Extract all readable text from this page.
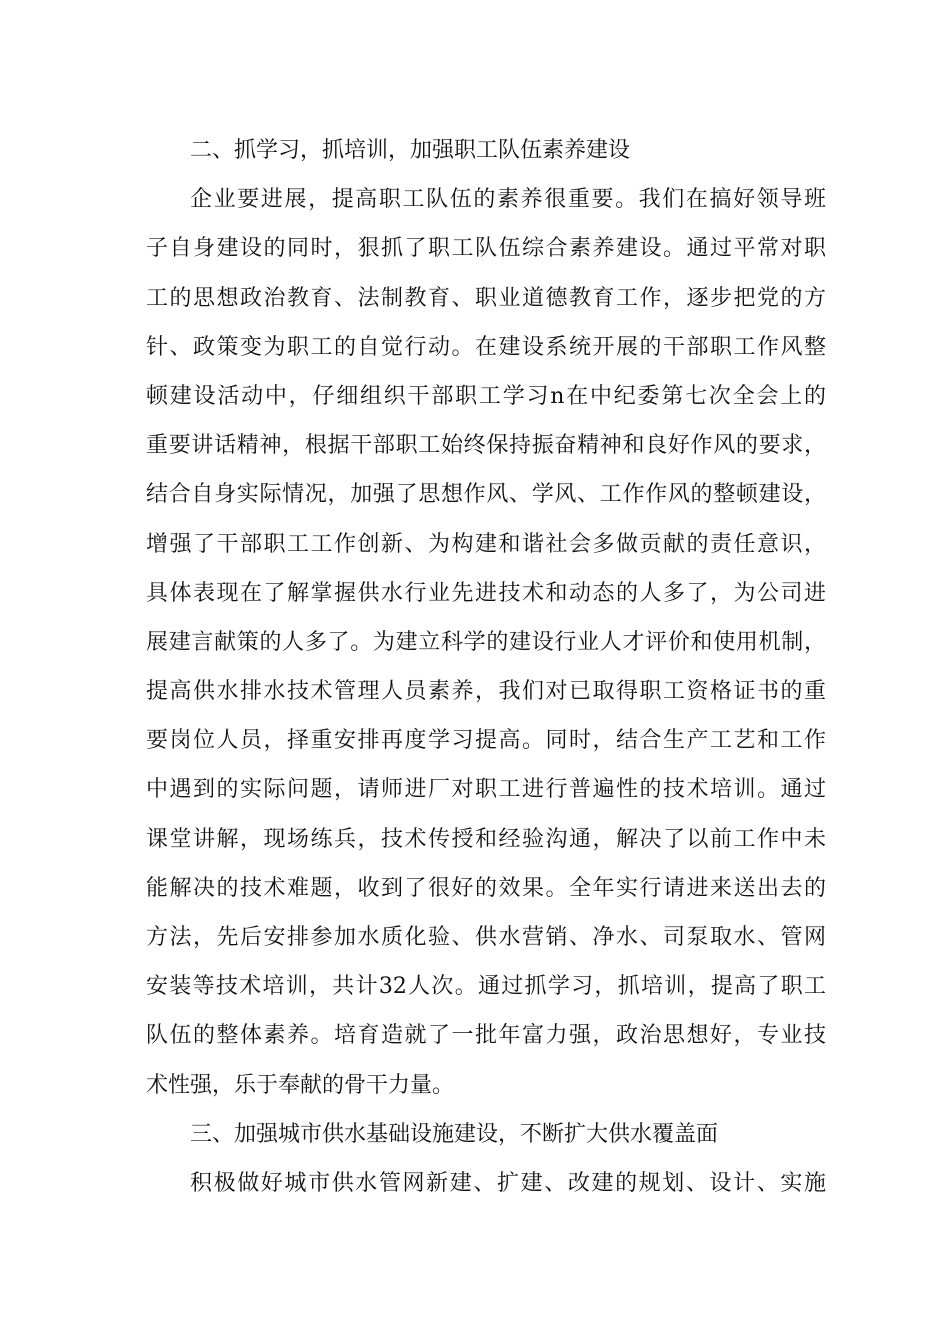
二、抓学习，抓培训，加强职工队伍素养建设
企业要进展，提高职工队伍的素养很重要。我们在搞好领导班
子自身建设的同时，狠抓了职工队伍综合素养建设。通过平常对职
工的思想政治教育、法制教育、职业道德教育工作，逐步把党的方
针、政策变为职工的自觉行动。在建设系统开展的干部职工作风整
顿建设活动中，仔细组织干部职工学习n在中纪委第七次全会上的
重要讲话精神，根据干部职工始终保持振奋精神和良好作风的要求，
结合自身实际情况，加强了思想作风、学风、工作作风的整顿建设，
增强了干部职工工作创新、为构建和谐社会多做贡献的责任意识，
具体表现在了解掌握供水行业先进技术和动态的人多了，为公司进
展建言献策的人多了。为建立科学的建设行业人才评价和使用机制，
提高供水排水技术管理人员素养，我们对已取得职工资格证书的重
要岗位人员，择重安排再度学习提高。同时，结合生产工艺和工作
中遇到的实际问题，请师进厂对职工进行普遍性的技术培训。通过
课堂讲解，现场练兵，技术传授和经验沟通，解决了以前工作中未
能解决的技术难题，收到了很好的效果。全年实行请进来送出去的
方法，先后安排参加水质化验、供水营销、净水、司泵取水、管网
安装等技术培训，共计32人次。通过抓学习，抓培训，提高了职工
队伍的整体素养。培育造就了一批年富力强，政治思想好，专业技
术性强，乐于奉献的骨干力量。
三、加强城市供水基础设施建设，不断扩大供水覆盖面
积极做好城市供水管网新建、扩建、改建的规划、设计、实施
